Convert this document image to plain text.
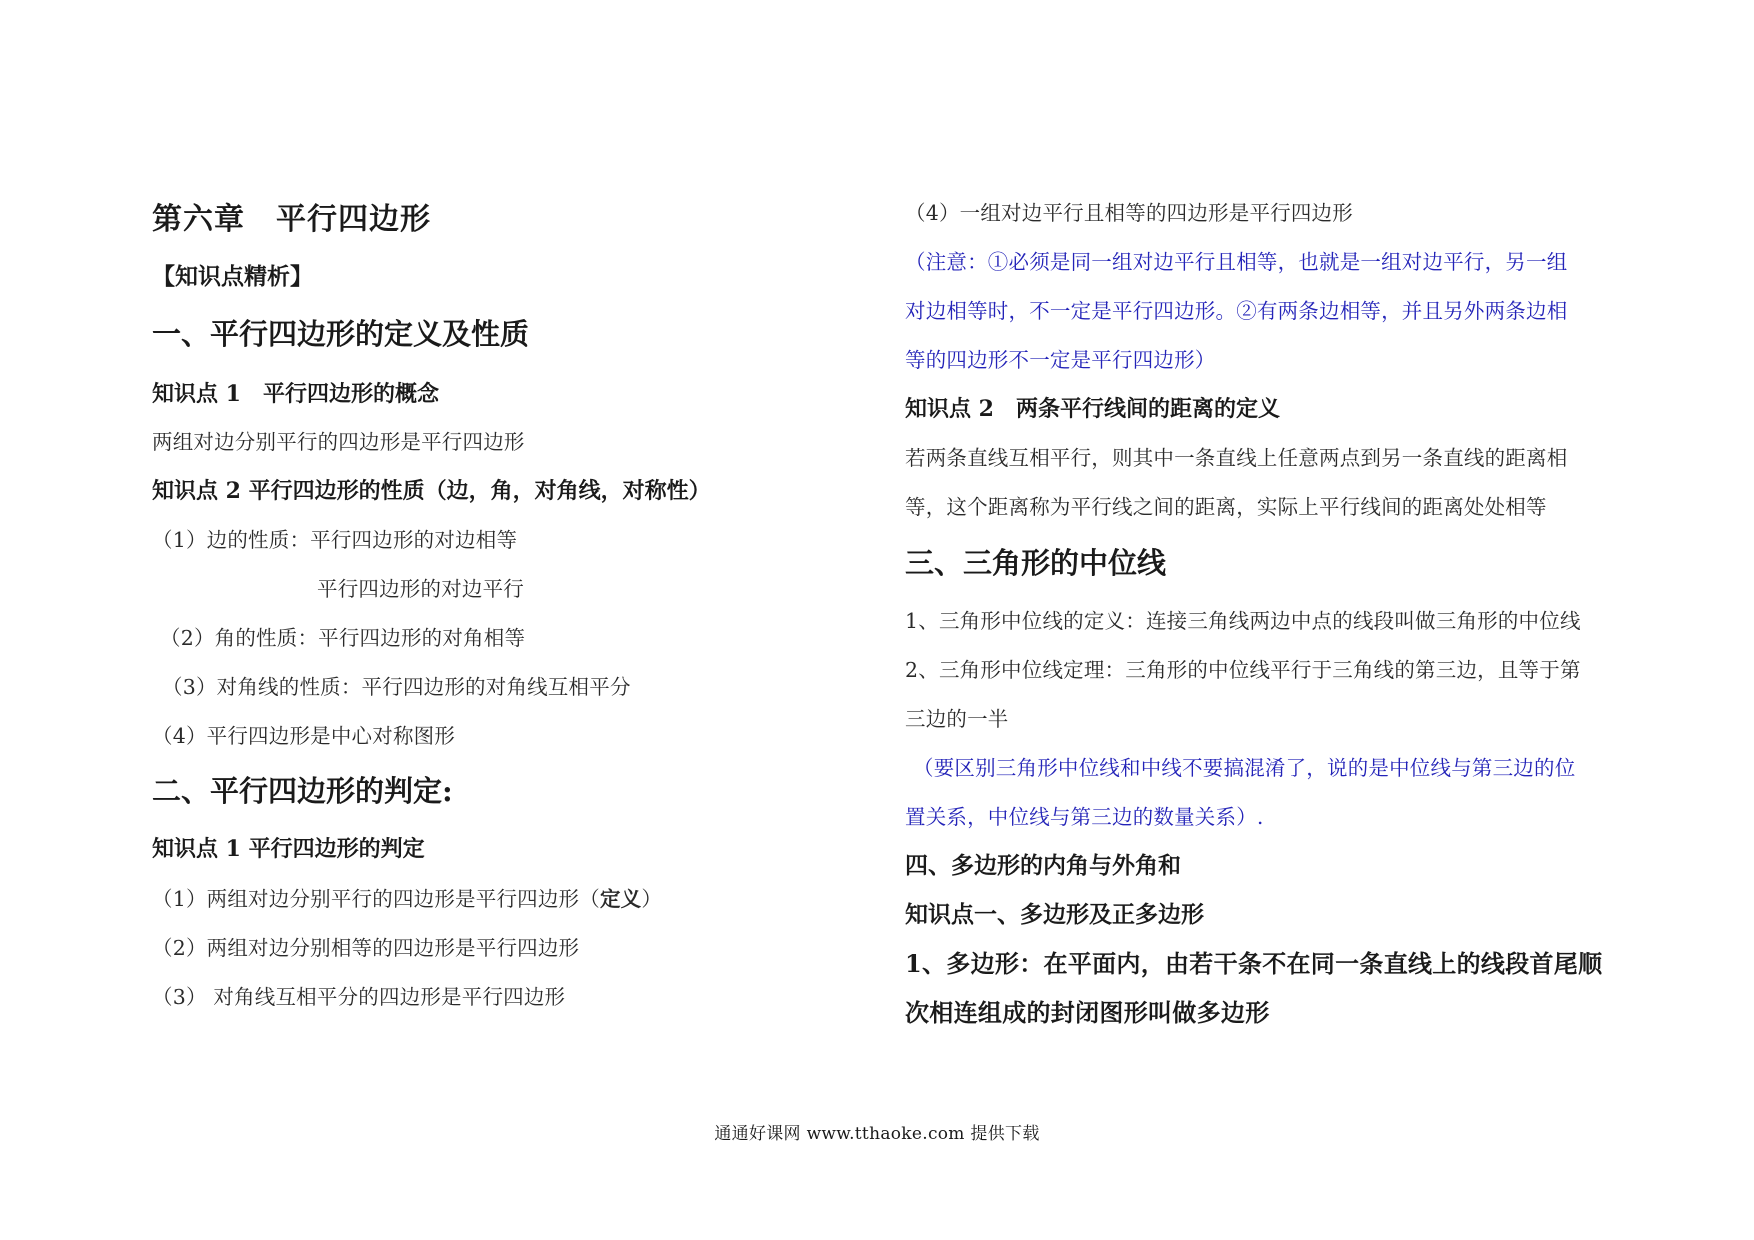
第六章　平行四边形
【知识点精析】
一、平行四边形的定义及性质
知识点 1　平行四边形的概念
两组对边分别平行的四边形是平行四边形
知识点 2 平行四边形的性质（边，角，对角线，对称性）
（1）边的性质：平行四边形的对边相等
平行四边形的对边平行
（2）角的性质：平行四边形的对角相等
（3）对角线的性质：平行四边形的对角线互相平分
（4）平行四边形是中心对称图形
二、平行四边形的判定:
知识点 1 平行四边形的判定
（1）两组对边分别平行的四边形是平行四边形（定义）
（2）两组对边分别相等的四边形是平行四边形
（3） 对角线互相平分的四边形是平行四边形
（4）一组对边平行且相等的四边形是平行四边形
（注意：①必须是同一组对边平行且相等，也就是一组对边平行，另一组
对边相等时，不一定是平行四边形。②有两条边相等，并且另外两条边相
等的四边形不一定是平行四边形）
知识点 2　两条平行线间的距离的定义
若两条直线互相平行，则其中一条直线上任意两点到另一条直线的距离相
等，这个距离称为平行线之间的距离，实际上平行线间的距离处处相等
三、三角形的中位线
1、三角形中位线的定义：连接三角线两边中点的线段叫做三角形的中位线
2、三角形中位线定理：三角形的中位线平行于三角线的第三边，且等于第
三边的一半
（要区别三角形中位线和中线不要搞混淆了，说的是中位线与第三边的位
置关系，中位线与第三边的数量关系）.
四、多边形的内角与外角和
知识点一、多边形及正多边形
1、多边形：在平面内，由若干条不在同一条直线上的线段首尾顺
次相连组成的封闭图形叫做多边形
通通好课网 www.tthaoke.com 提供下载
